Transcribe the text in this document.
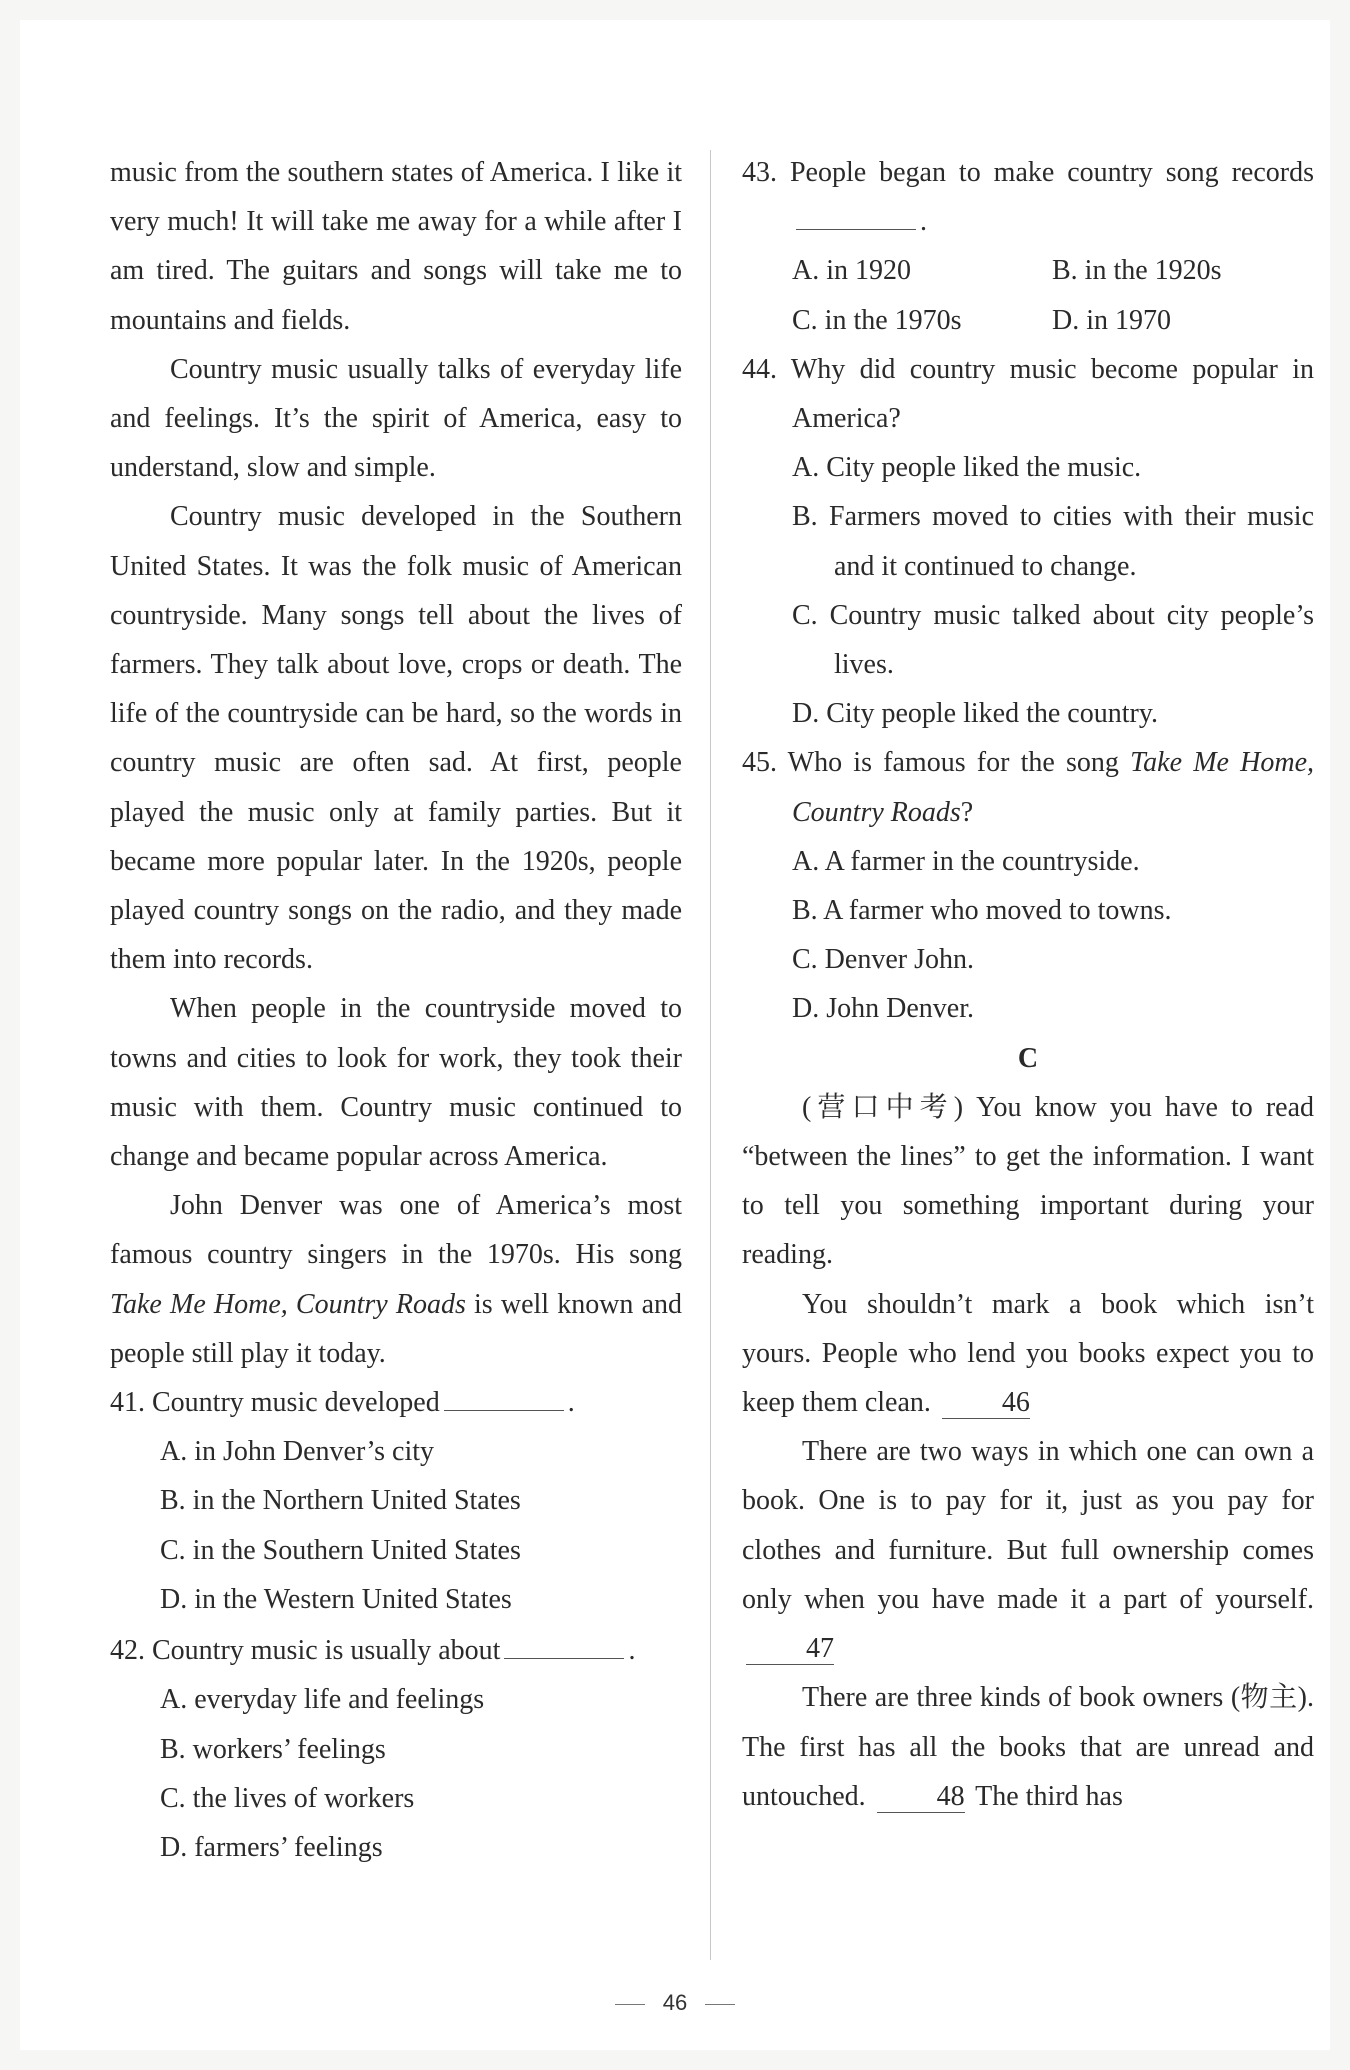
music from the southern states of America. I like it very much! It will take me away for a while after I am tired. The guitars and songs will take me to mountains and fields.

Country music usually talks of everyday life and feelings. It’s the spirit of America, easy to understand, slow and simple.

Country music developed in the Southern United States. It was the folk music of American countryside. Many songs tell about the lives of farmers. They talk about love, crops or death. The life of the countryside can be hard, so the words in country music are often sad. At first, people played the music only at family parties. But it became more popular later. In the 1920s, people played country songs on the radio, and they made them into records.

When people in the countryside moved to towns and cities to look for work, they took their music with them. Country music continued to change and became popular across America.

John Denver was one of America’s most famous country singers in the 1970s. His song Take Me Home, Country Roads is well known and people still play it today.

41. Country music developed	.

A. in John Denver’s city

B. in the Northern United States

C. in the Southern United States

D. in the Western United States

42. Country music is usually about	.

A. everyday life and feelings

B. workers’ feelings

C. the lives of workers

D. farmers’ feelings

43. People began to make country song records.

A. in 1920	B. in the 1920s
C. in the 1970s	D. in 1970

44. Why did country music become popular in America?

A. City people liked the music.

B. Farmers moved to cities with their music and it continued to change.

C. Country music talked about city people’s lives.

D. City people liked the country.

45. Who is famous for the song Take Me Home, Country Roads?

A. A farmer in the countryside.

B. A farmer who moved to towns.

C. Denver John.

D. John Denver.

C

(营口中考) You know you have to read “between the lines” to get the information. I want to tell you something important during your reading.

You shouldn’t mark a book which isn’t yours. People who lend you books expect you to keep them clean.	46

There are two ways in which one can own a book. One is to pay for it, just as you pay for clothes and furniture. But full ownership comes only when you have made it a part of yourself. 47

There are three kinds of book owners (物主). The first has all the books that are unread and untouched.	48 The third has

46
